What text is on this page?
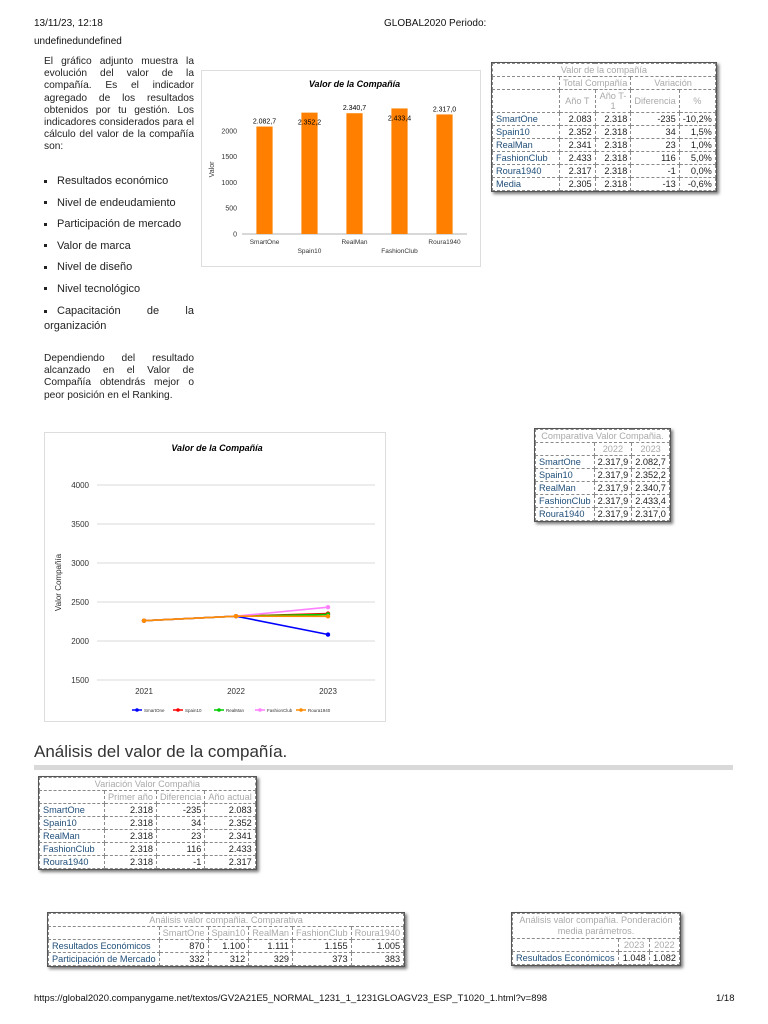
13/11/23, 12:18	GLOBAL2020 Periodo:
undefinedundefined
El gráfico adjunto muestra la evolución del valor de la compañía. Es el indicador agregado de los resultados obtenidos por tu gestión. Los indicadores considerados para el cálculo del valor de la compañía son:
Resultados económico
Nivel de endeudamiento
Participación de mercado
Valor de marca
Nivel de diseño
Nivel tecnológico
Capacitación de la organización
Dependiendo del resultado alcanzado en el Valor de Compañía obtendrás mejor o peor posición en el Ranking.
Valor de la Compañía
Valor
0
500
1000
1500
2000
2.082,7
SmartOne
2.352,2
Spain10
2.340,7
RealMan
2.433,4
FashionClub
2.317,0
Roura1940
Valor de la compañía				
	Total Compañía		Variación	
	Año T	Año T-1	Diferencia	%
SmartOne	2.083	2.318	-235	-10,2%
Spain10	2.352	2.318	34	1,5%
RealMan	2.341	2.318	23	1,0%
FashionClub	2.433	2.318	116	5,0%
Roura1940	2.317	2.318	-1	0,0%
Media	2.305	2.318	-13	-0,6%
Valor de la Compañía
Valor Compañía
1500
2000
2500
3000
3500
4000
2021	2022	2023
SmartOne	Spain10	RealMan	FashionClub	Roura1940
Comparativa Valor Compañia.		
	2022	2023
SmartOne	2.317,9	2.082,7
Spain10	2.317,9	2.352,2
RealMan	2.317,9	2.340,7
FashionClub	2.317,9	2.433,4
Roura1940	2.317,9	2.317,0
Análisis del valor de la compañía.
Variación Valor Compañia			
	Primer año	Diferencia	Año actual
SmartOne	2.318	-235	2.083
Spain10	2.318	34	2.352
RealMan	2.318	23	2.341
FashionClub	2.318	116	2.433
Roura1940	2.318	-1	2.317
Análisis valor compañia. Comparativa					
	SmartOne	Spain10	RealMan	FashionClub	Roura1940
Resultados Económicos	870	1.100	1.111	1.155	1.005
Participación de Mercado	332	312	329	373	383
Análisis valor compañia. Ponderación media parámetros.		
	2023	2022
Resultados Económicos	1.048	1.082
https://global2020.companygame.net/textos/GV2A21E5_NORMAL_1231_1_1231GLOAGV23_ESP_T1020_1.html?v=898	1/18
